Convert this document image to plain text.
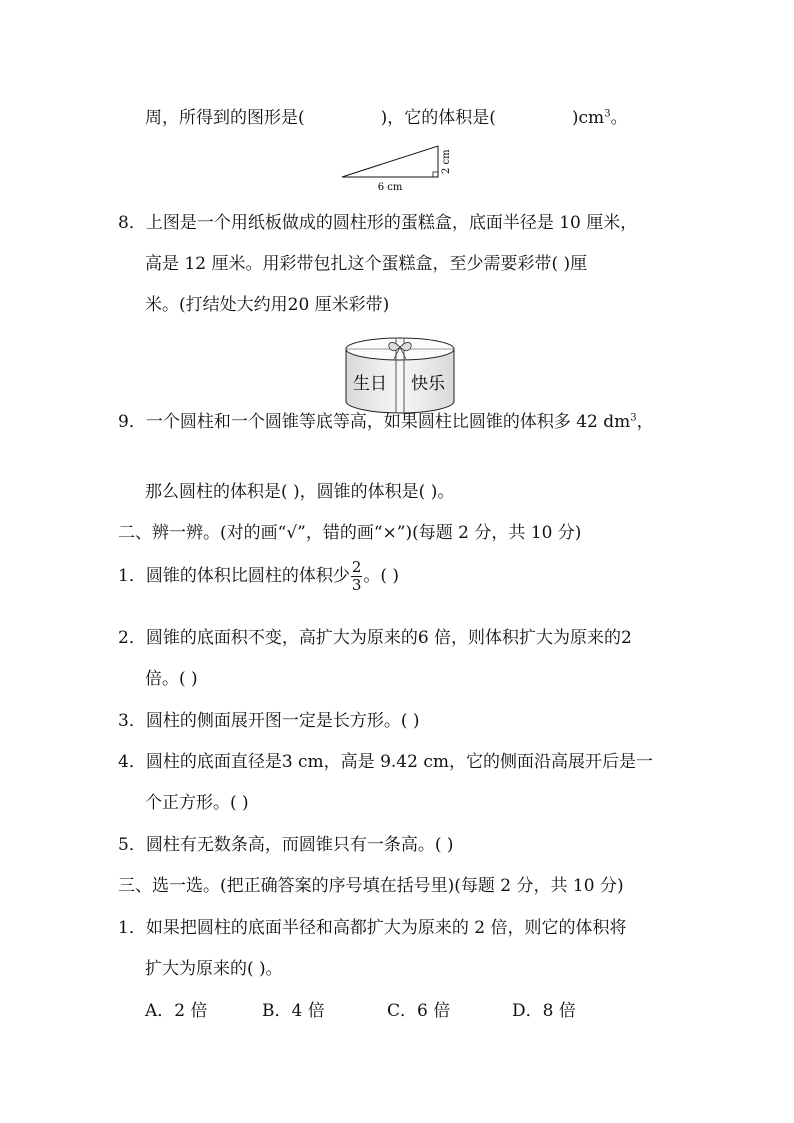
周，所得到的图形是(	)，它的体积是(	)$cm^3$。
6 cm
2 cm
8．上图是一个用纸板做成的圆柱形的蛋糕盒，底面半径是 10 厘米，
高是 12 厘米。用彩带包扎这个蛋糕盒，至少需要彩带( )厘
米。(打结处大约用20 厘米彩带)
生日 快乐
9．一个圆柱和一个圆锥等底等高，如果圆柱比圆锥的体积多 42 $dm^3$，
那么圆柱的体积是( )，圆锥的体积是( )。
二、辨一辨。(对的画“√”，错的画“×”)(每题 2 分，共 10 分)
1．圆锥的体积比圆柱的体积少 $\frac{2}{3}$ 。( )
2．圆锥的底面积不变，高扩大为原来的6 倍，则体积扩大为原来的2
倍。( )
3．圆柱的侧面展开图一定是长方形。( )
4．圆柱的底面直径是3 cm，高是 9.42 cm，它的侧面沿高展开后是一
个正方形。( )
5．圆柱有无数条高，而圆锥只有一条高。( )
三、选一选。(把正确答案的序号填在括号里)(每题 2 分，共 10 分)
1．如果把圆柱的底面半径和高都扩大为原来的 2 倍，则它的体积将
扩大为原来的( )。
A．2 倍	B．4 倍	C．6 倍	D．8 倍
